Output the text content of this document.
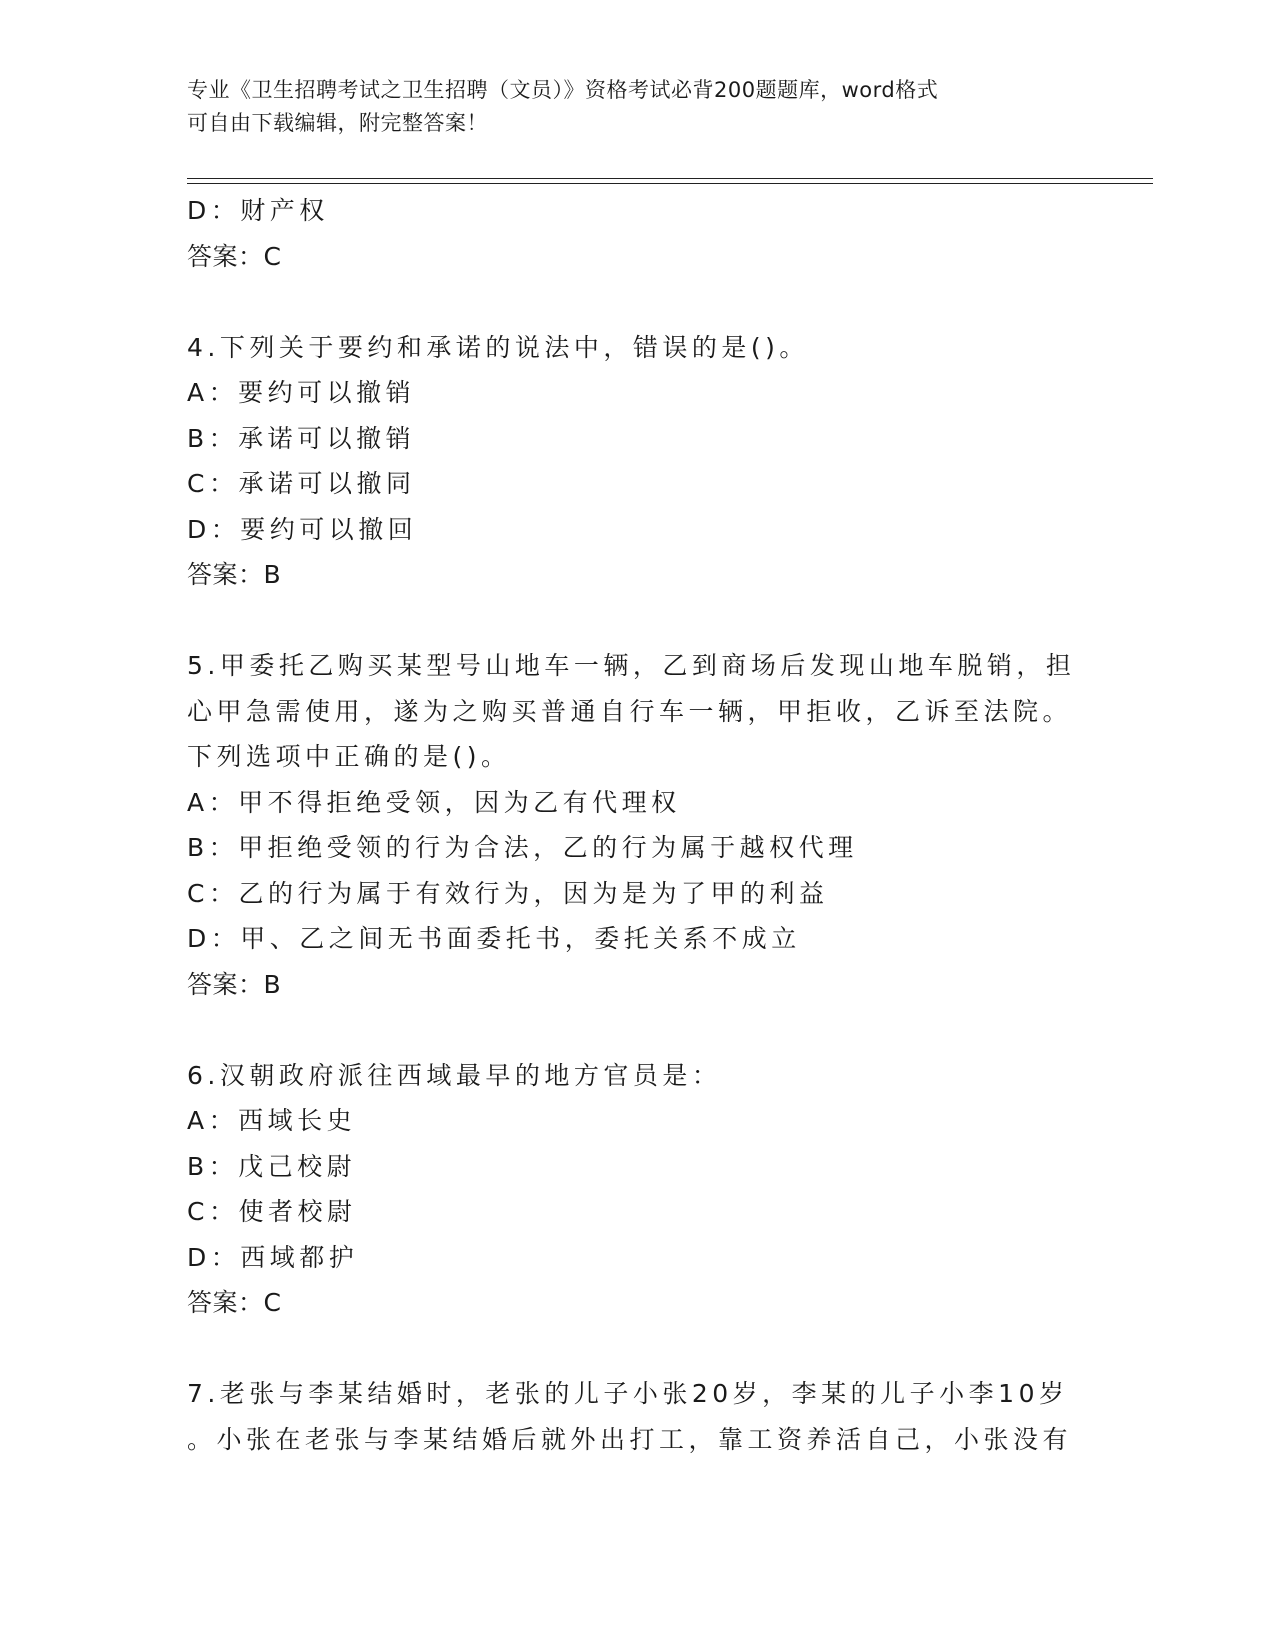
专业《卫生招聘考试之卫生招聘（文员）》资格考试必背200题题库，word格式
可自由下载编辑，附完整答案！
D：财产权
答案：C
4.下列关于要约和承诺的说法中，错误的是()。
A：要约可以撤销
B：承诺可以撤销
C：承诺可以撤同
D：要约可以撤回
答案：B
5.甲委托乙购买某型号山地车一辆，乙到商场后发现山地车脱销，担
心甲急需使用，遂为之购买普通自行车一辆，甲拒收，乙诉至法院。
下列选项中正确的是()。
A：甲不得拒绝受领，因为乙有代理权
B：甲拒绝受领的行为合法，乙的行为属于越权代理
C：乙的行为属于有效行为，因为是为了甲的利益
D：甲、乙之间无书面委托书，委托关系不成立
答案：B
6.汉朝政府派往西域最早的地方官员是：
A：西域长史
B：戊己校尉
C：使者校尉
D：西域都护
答案：C
7.老张与李某结婚时，老张的儿子小张20岁，李某的儿子小李10岁
。小张在老张与李某结婚后就外出打工，靠工资养活自己，小张没有
